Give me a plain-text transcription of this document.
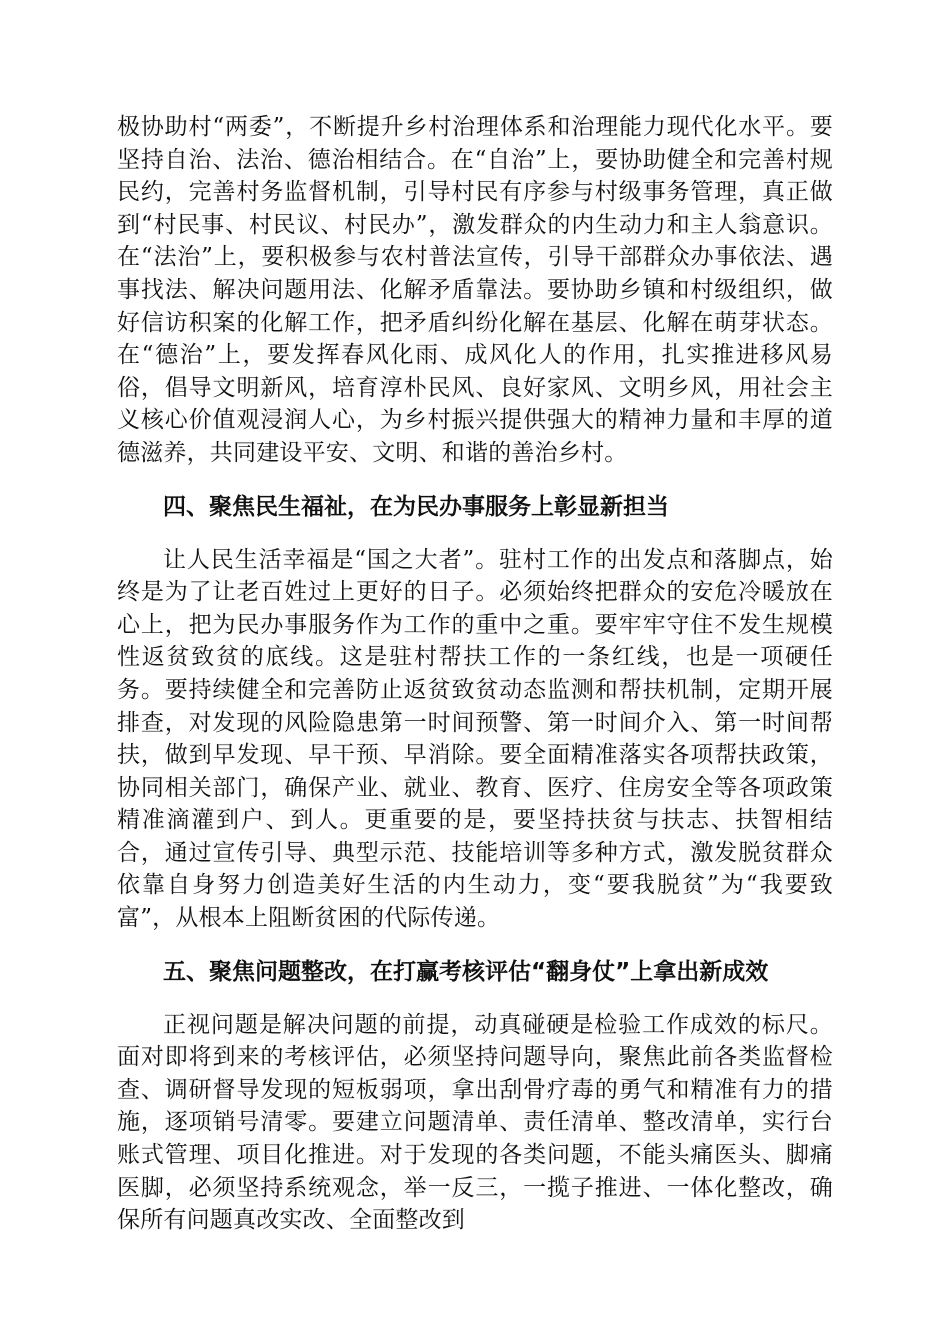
极协助村“两委”，不断提升乡村治理体系和治理能力现代化水平。要坚持自治、法治、德治相结合。在“自治”上，要协助健全和完善村规民约，完善村务监督机制，引导村民有序参与村级事务管理，真正做到“村民事、村民议、村民办”，激发群众的内生动力和主人翁意识。在“法治”上，要积极参与农村普法宣传，引导干部群众办事依法、遇事找法、解决问题用法、化解矛盾靠法。要协助乡镇和村级组织，做好信访积案的化解工作，把矛盾纠纷化解在基层、化解在萌芽状态。在“德治”上，要发挥春风化雨、成风化人的作用，扎实推进移风易俗，倡导文明新风，培育淳朴民风、良好家风、文明乡风，用社会主义核心价值观浸润人心，为乡村振兴提供强大的精神力量和丰厚的道德滋养，共同建设平安、文明、和谐的善治乡村。

四、聚焦民生福祉，在为民办事服务上彰显新担当

让人民生活幸福是“国之大者”。驻村工作的出发点和落脚点，始终是为了让老百姓过上更好的日子。必须始终把群众的安危冷暖放在心上，把为民办事服务作为工作的重中之重。要牢牢守住不发生规模性返贫致贫的底线。这是驻村帮扶工作的一条红线，也是一项硬任务。要持续健全和完善防止返贫致贫动态监测和帮扶机制，定期开展排查，对发现的风险隐患第一时间预警、第一时间介入、第一时间帮扶，做到早发现、早干预、早消除。要全面精准落实各项帮扶政策，协同相关部门，确保产业、就业、教育、医疗、住房安全等各项政策精准滴灌到户、到人。更重要的是，要坚持扶贫与扶志、扶智相结合，通过宣传引导、典型示范、技能培训等多种方式，激发脱贫群众依靠自身努力创造美好生活的内生动力，变“要我脱贫”为“我要致富”，从根本上阻断贫困的代际传递。

五、聚焦问题整改，在打赢考核评估“翻身仗”上拿出新成效

正视问题是解决问题的前提，动真碰硬是检验工作成效的标尺。面对即将到来的考核评估，必须坚持问题导向，聚焦此前各类监督检查、调研督导发现的短板弱项，拿出刮骨疗毒的勇气和精准有力的措施，逐项销号清零。要建立问题清单、责任清单、整改清单，实行台账式管理、项目化推进。对于发现的各类问题，不能头痛医头、脚痛医脚，必须坚持系统观念，举一反三，一揽子推进、一体化整改，确保所有问题真改实改、全面整改到
